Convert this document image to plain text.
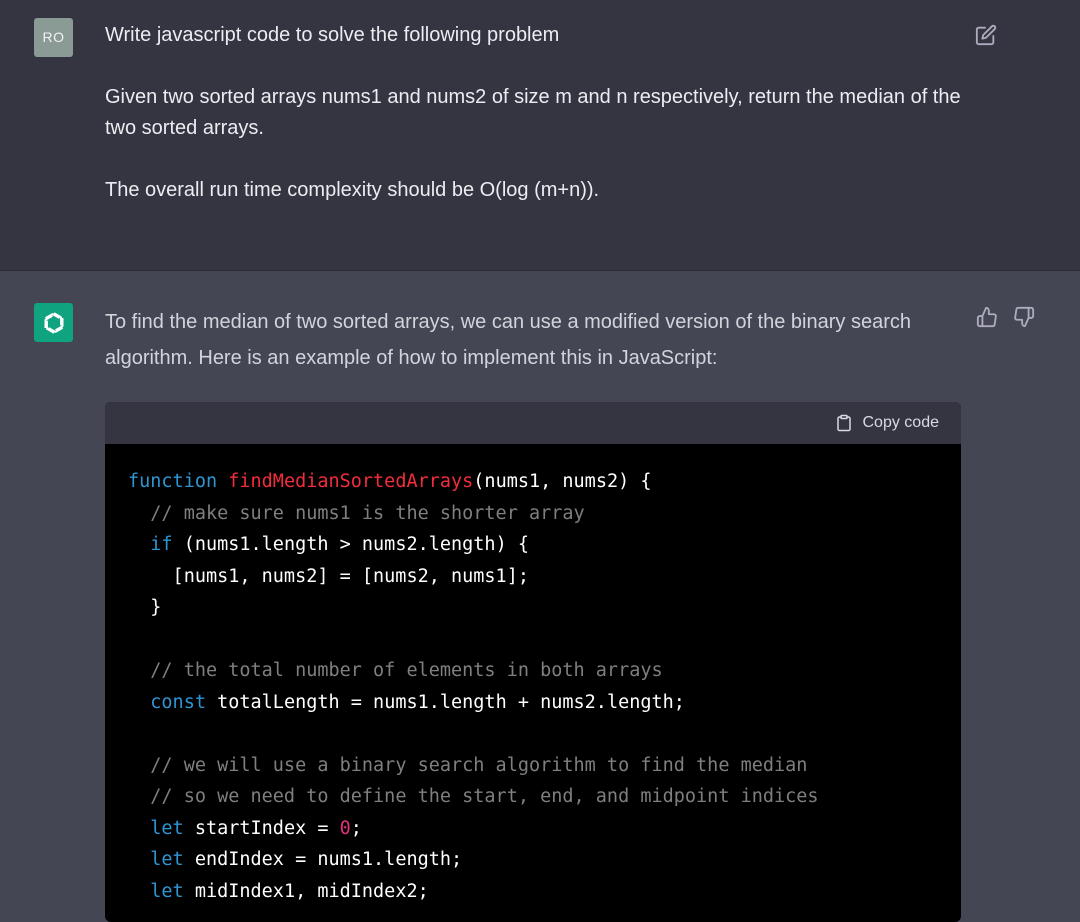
RO	Write javascript code to solve the following problem

Given two sorted arrays nums1 and nums2 of size m and n respectively, return the median of the two sorted arrays.

The overall run time complexity should be O(log (m+n)).

To find the median of two sorted arrays, we can use a modified version of the binary search algorithm. Here is an example of how to implement this in JavaScript:

Copy code
function findMedianSortedArrays(nums1, nums2) {
// make sure nums1 is the shorter array
if (nums1.length > nums2.length) {
[nums1, nums2] = [nums2, nums1];
}
// the total number of elements in both arrays
const totalLength = nums1.length + nums2.length;
// we will use a binary search algorithm to find the median
// so we need to define the start, end, and midpoint indices
let startIndex = 0;
let endIndex = nums1.length;
let midIndex1, midIndex2;
